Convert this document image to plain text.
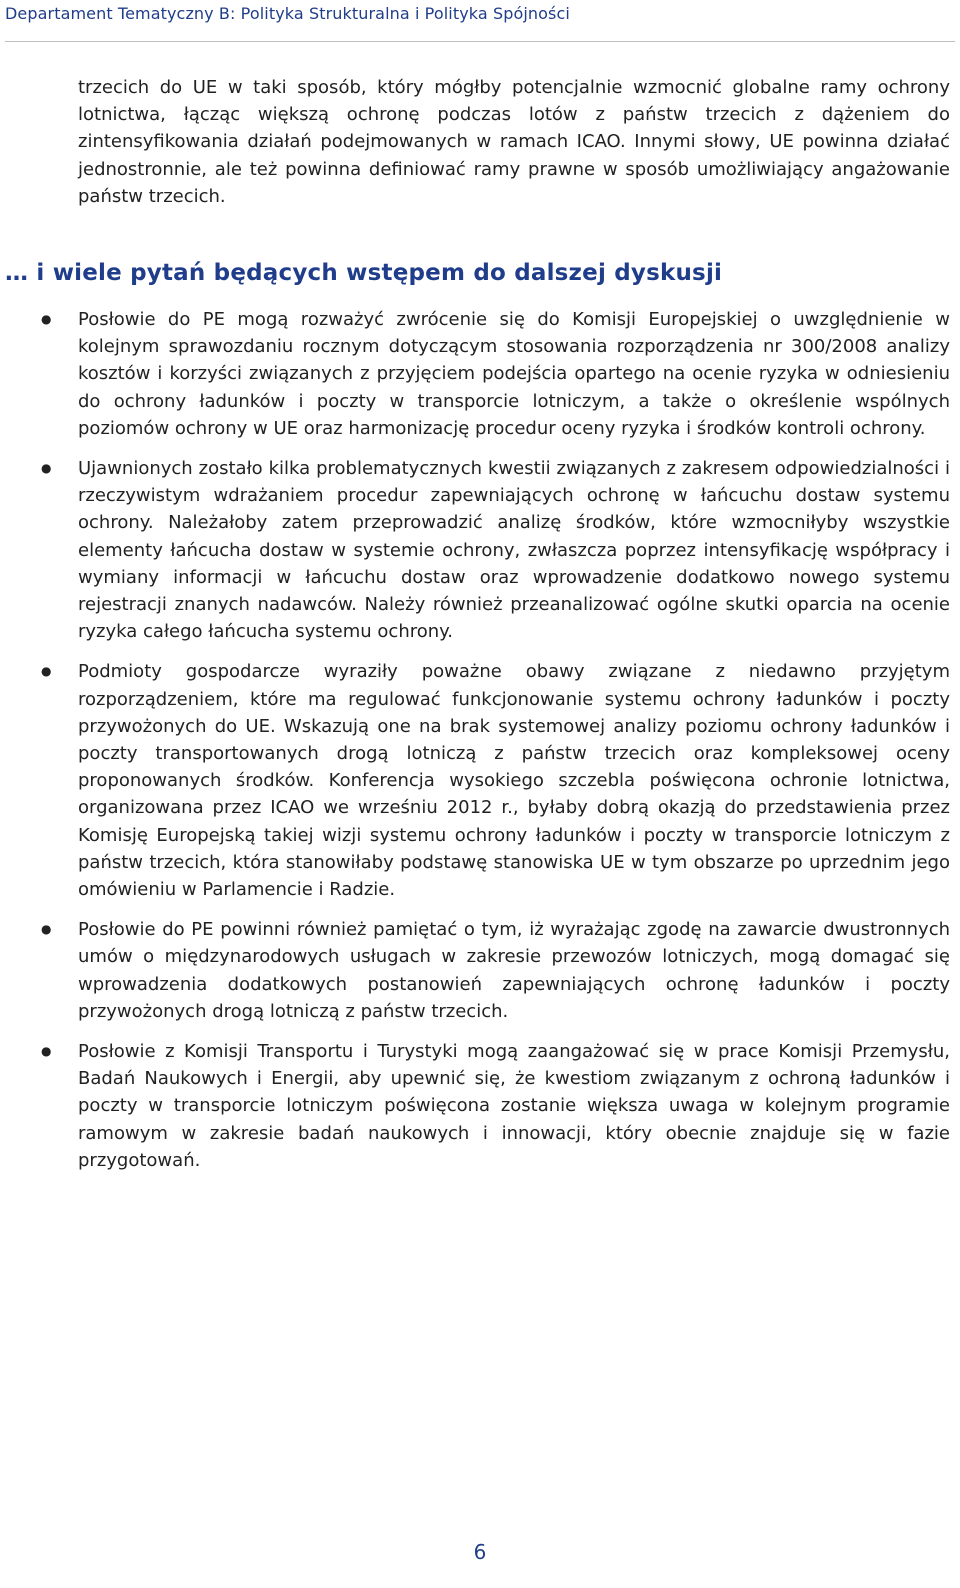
Departament Tematyczny B: Polityka Strukturalna i Polityka Spójności

trzecich do UE w taki sposób, który mógłby potencjalnie wzmocnić globalne ramy ochrony lotnictwa, łącząc większą ochronę podczas lotów z państw trzecich z dążeniem do zintensyfikowania działań podejmowanych w ramach ICAO. Innymi słowy, UE powinna działać jednostronnie, ale też powinna definiować ramy prawne w sposób umożliwiający angażowanie państw trzecich.

… i wiele pytań będących wstępem do dalszej dyskusji
● Posłowie do PE mogą rozważyć zwrócenie się do Komisji Europejskiej o uwzględnienie w kolejnym sprawozdaniu rocznym dotyczącym stosowania rozporządzenia nr 300/2008 analizy kosztów i korzyści związanych z przyjęciem podejścia opartego na ocenie ryzyka w odniesieniu do ochrony ładunków i poczty w transporcie lotniczym, a także o określenie wspólnych poziomów ochrony w UE oraz harmonizację procedur oceny ryzyka i środków kontroli ochrony.
● Ujawnionych zostało kilka problematycznych kwestii związanych z zakresem odpowiedzialności i rzeczywistym wdrażaniem procedur zapewniających ochronę w łańcuchu dostaw systemu ochrony. Należałoby zatem przeprowadzić analizę środków, które wzmocniłyby wszystkie elementy łańcucha dostaw w systemie ochrony, zwłaszcza poprzez intensyfikację współpracy i wymiany informacji w łańcuchu dostaw oraz wprowadzenie dodatkowo nowego systemu rejestracji znanych nadawców. Należy również przeanalizować ogólne skutki oparcia na ocenie ryzyka całego łańcucha systemu ochrony.
● Podmioty gospodarcze wyraziły poważne obawy związane z niedawno przyjętym rozporządzeniem, które ma regulować funkcjonowanie systemu ochrony ładunków i poczty przywożonych do UE. Wskazują one na brak systemowej analizy poziomu ochrony ładunków i poczty transportowanych drogą lotniczą z państw trzecich oraz kompleksowej oceny proponowanych środków. Konferencja wysokiego szczebla poświęcona ochronie lotnictwa, organizowana przez ICAO we wrześniu 2012 r., byłaby dobrą okazją do przedstawienia przez Komisję Europejską takiej wizji systemu ochrony ładunków i poczty w transporcie lotniczym z państw trzecich, która stanowiłaby podstawę stanowiska UE w tym obszarze po uprzednim jego omówieniu w Parlamencie i Radzie.
● Posłowie do PE powinni również pamiętać o tym, iż wyrażając zgodę na zawarcie dwustronnych umów o międzynarodowych usługach w zakresie przewozów lotniczych, mogą domagać się wprowadzenia dodatkowych postanowień zapewniających ochronę ładunków i poczty przywożonych drogą lotniczą z państw trzecich.
● Posłowie z Komisji Transportu i Turystyki mogą zaangażować się w prace Komisji Przemysłu, Badań Naukowych i Energii, aby upewnić się, że kwestiom związanym z ochroną ładunków i poczty w transporcie lotniczym poświęcona zostanie większa uwaga w kolejnym programie ramowym w zakresie badań naukowych i innowacji, który obecnie znajduje się w fazie przygotowań.
6
